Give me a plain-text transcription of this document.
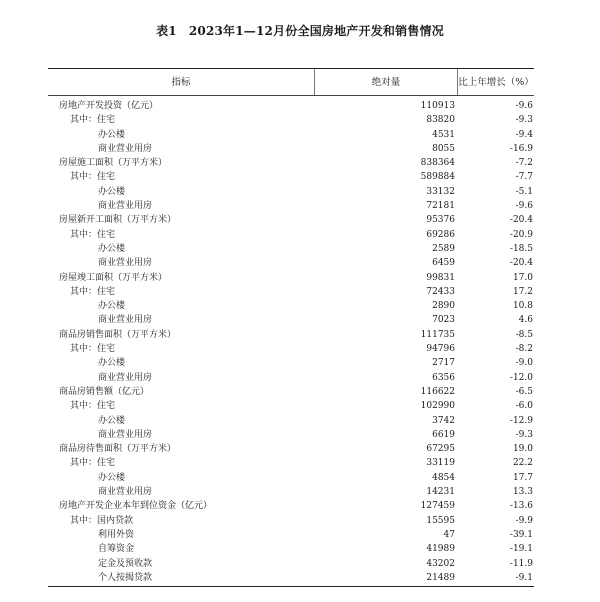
表1 2023年1—12月份全国房地产开发和销售情况
指标	绝对量	比上年增长（%）
房地产开发投资（亿元）	110913	-9.6
其中：住宅	83820	-9.3
办公楼	4531	-9.4
商业营业用房	8055	-16.9
房屋施工面积（万平方米）	838364	-7.2
其中：住宅	589884	-7.7
办公楼	33132	-5.1
商业营业用房	72181	-9.6
房屋新开工面积（万平方米）	95376	-20.4
其中：住宅	69286	-20.9
办公楼	2589	-18.5
商业营业用房	6459	-20.4
房屋竣工面积（万平方米）	99831	17.0
其中：住宅	72433	17.2
办公楼	2890	10.8
商业营业用房	7023	4.6
商品房销售面积（万平方米）	111735	-8.5
其中：住宅	94796	-8.2
办公楼	2717	-9.0
商业营业用房	6356	-12.0
商品房销售额（亿元）	116622	-6.5
其中：住宅	102990	-6.0
办公楼	3742	-12.9
商业营业用房	6619	-9.3
商品房待售面积（万平方米）	67295	19.0
其中：住宅	33119	22.2
办公楼	4854	17.7
商业营业用房	14231	13.3
房地产开发企业本年到位资金（亿元）	127459	-13.6
其中：国内贷款	15595	-9.9
利用外资	47	-39.1
自筹资金	41989	-19.1
定金及预收款	43202	-11.9
个人按揭贷款	21489	-9.1
